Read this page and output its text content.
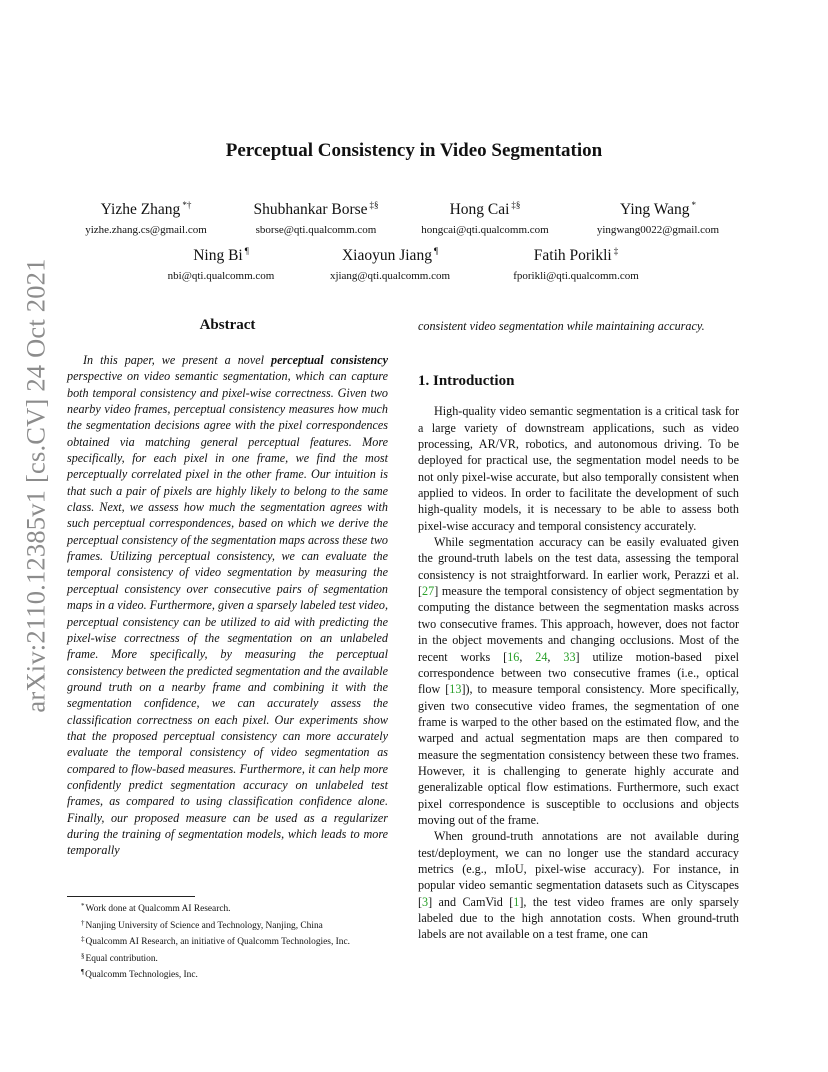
arXiv:2110.12385v1 [cs.CV] 24 Oct 2021
Perceptual Consistency in Video Segmentation
Yizhe Zhang *†
yizhe.zhang.cs@gmail.com
Shubhankar Borse ‡§
sborse@qti.qualcomm.com
Hong Cai ‡§
hongcai@qti.qualcomm.com
Ying Wang *
yingwang0022@gmail.com
Ning Bi ¶
nbi@qti.qualcomm.com
Xiaoyun Jiang ¶
xjiang@qti.qualcomm.com
Fatih Porikli ‡
fporikli@qti.qualcomm.com
Abstract

In this paper, we present a novel perceptual consistency perspective on video semantic segmentation, which can capture both temporal consistency and pixel-wise correctness. Given two nearby video frames, perceptual consistency measures how much the segmentation decisions agree with the pixel correspondences obtained via matching general perceptual features. More specifically, for each pixel in one frame, we find the most perceptually correlated pixel in the other frame. Our intuition is that such a pair of pixels are highly likely to belong to the same class. Next, we assess how much the segmentation agrees with such perceptual correspondences, based on which we derive the perceptual consistency of the segmentation maps across these two frames. Utilizing perceptual consistency, we can evaluate the temporal consistency of video segmentation by measuring the perceptual consistency over consecutive pairs of segmentation maps in a video. Furthermore, given a sparsely labeled test video, perceptual consistency can be utilized to aid with predicting the pixel-wise correctness of the segmentation on an unlabeled frame. More specifically, by measuring the perceptual consistency between the predicted segmentation and the available ground truth on a nearby frame and combining it with the segmentation confidence, we can accurately assess the classification correctness on each pixel. Our experiments show that the proposed perceptual consistency can more accurately evaluate the temporal consistency of video segmentation as compared to flow-based measures. Furthermore, it can help more confidently predict segmentation accuracy on unlabeled test frames, as compared to using classification confidence alone. Finally, our proposed measure can be used as a regularizer during the training of segmentation models, which leads to more temporally

consistent video segmentation while maintaining accuracy.
1. Introduction

High-quality video semantic segmentation is a critical task for a large variety of downstream applications, such as video processing, AR/VR, robotics, and autonomous driving. To be deployed for practical use, the segmentation model needs to be not only pixel-wise accurate, but also temporally consistent when applied to videos. In order to facilitate the development of such high-quality models, it is necessary to be able to assess both pixel-wise accuracy and temporal consistency accurately.

While segmentation accuracy can be easily evaluated given the ground-truth labels on the test data, assessing the temporal consistency is not straightforward. In earlier work, Perazzi et al. [27] measure the temporal consistency of object segmentation by computing the distance between the segmentation masks across two consecutive frames. This approach, however, does not factor in the object movements and changing occlusions. Most of the recent works [16, 24, 33] utilize motion-based pixel correspondence between two consecutive frames (i.e., optical flow [13]), to measure temporal consistency. More specifically, given two consecutive video frames, the segmentation of one frame is warped to the other based on the estimated flow, and the warped and actual segmentation maps are then compared to measure the segmentation consistency between these two frames. However, it is challenging to generate highly accurate and generalizable optical flow estimations. Furthermore, such exact pixel correspondence is susceptible to occlusions and objects moving out of the frame.

When ground-truth annotations are not available during test/deployment, we can no longer use the standard accuracy metrics (e.g., mIoU, pixel-wise accuracy). For instance, in popular video semantic segmentation datasets such as Cityscapes [3] and CamVid [1], the test video frames are only sparsely labeled due to the high annotation costs. When ground-truth labels are not available on a test frame, one can

*Work done at Qualcomm AI Research.
†Nanjing University of Science and Technology, Nanjing, China
‡Qualcomm AI Research, an initiative of Qualcomm Technologies, Inc.
§Equal contribution.
¶Qualcomm Technologies, Inc.
